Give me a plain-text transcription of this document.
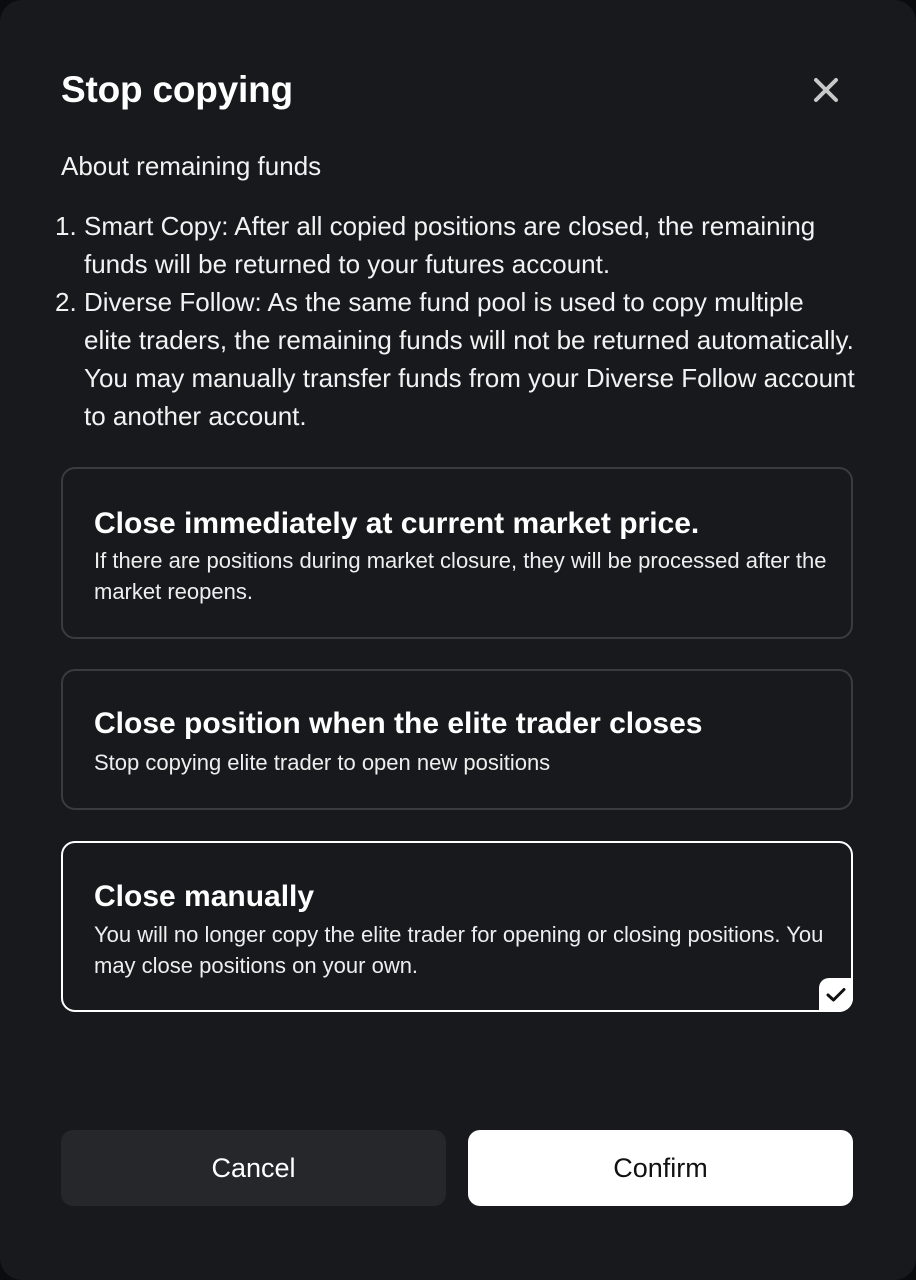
Stop copying
About remaining funds
1. Smart Copy: After all copied positions are closed, the remaining funds will be returned to your futures account.
2. Diverse Follow: As the same fund pool is used to copy multiple elite traders, the remaining funds will not be returned automatically. You may manually transfer funds from your Diverse Follow account to another account.
Close immediately at current market price.
If there are positions during market closure, they will be processed after the market reopens.
Close position when the elite trader closes
Stop copying elite trader to open new positions
Close manually
You will no longer copy the elite trader for opening or closing positions. You may close positions on your own.
Cancel	Confirm
